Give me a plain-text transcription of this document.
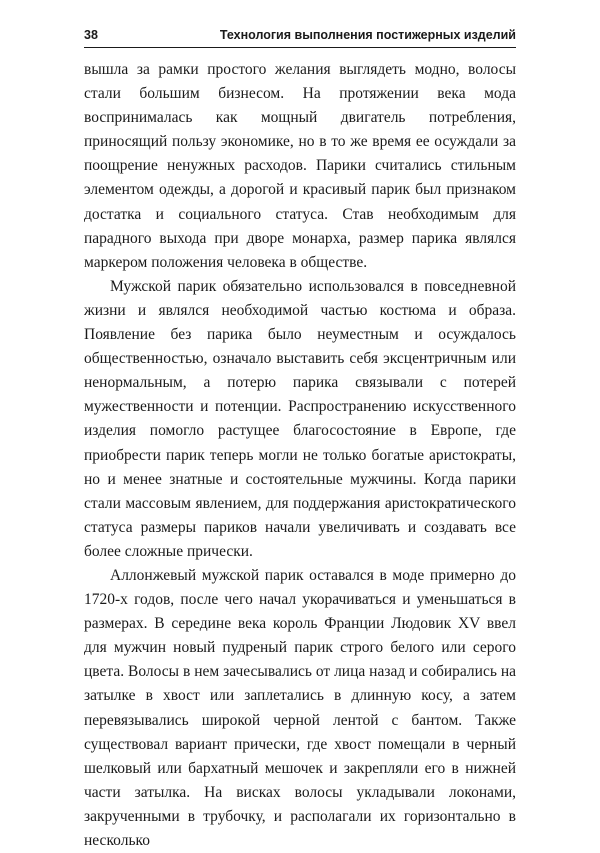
38	Технология выполнения постижерных изделий

вышла за рамки простого желания выглядеть модно, волосы стали большим бизнесом. На протяжении века мода воспринималась как мощный двигатель потребления, приносящий пользу экономике, но в то же время ее осуждали за поощрение ненужных расходов. Парики считались стильным элементом одежды, а дорогой и красивый парик был признаком достатка и социального статуса. Став необходимым для парадного выхода при дворе монарха, размер парика являлся маркером положения человека в обществе.

Мужской парик обязательно использовался в повседневной жизни и являлся необходимой частью костюма и образа. Появление без парика было неуместным и осуждалось общественностью, означало выставить себя эксцентричным или ненормальным, а потерю парика связывали с потерей мужественности и потенции. Распространению искусственного изделия помогло растущее благосостояние в Европе, где приобрести парик теперь могли не только богатые аристократы, но и менее знатные и состоятельные мужчины. Когда парики стали массовым явлением, для поддержания аристократического статуса размеры париков начали увеличивать и создавать все более сложные прически.

Аллонжевый мужской парик оставался в моде примерно до 1720-х годов, после чего начал укорачиваться и уменьшаться в размерах. В середине века король Франции Людовик XV ввел для мужчин новый пудреный парик строго белого или серого цвета. Волосы в нем зачесывались от лица назад и собирались на затылке в хвост или заплетались в длинную косу, а затем перевязывались широкой черной лентой с бантом. Также существовал вариант прически, где хвост помещали в черный шелковый или бархатный мешочек и закрепляли его в нижней части затылка. На висках волосы укладывали локонами, закрученными в трубочку, и располагали их горизонтально в несколько
